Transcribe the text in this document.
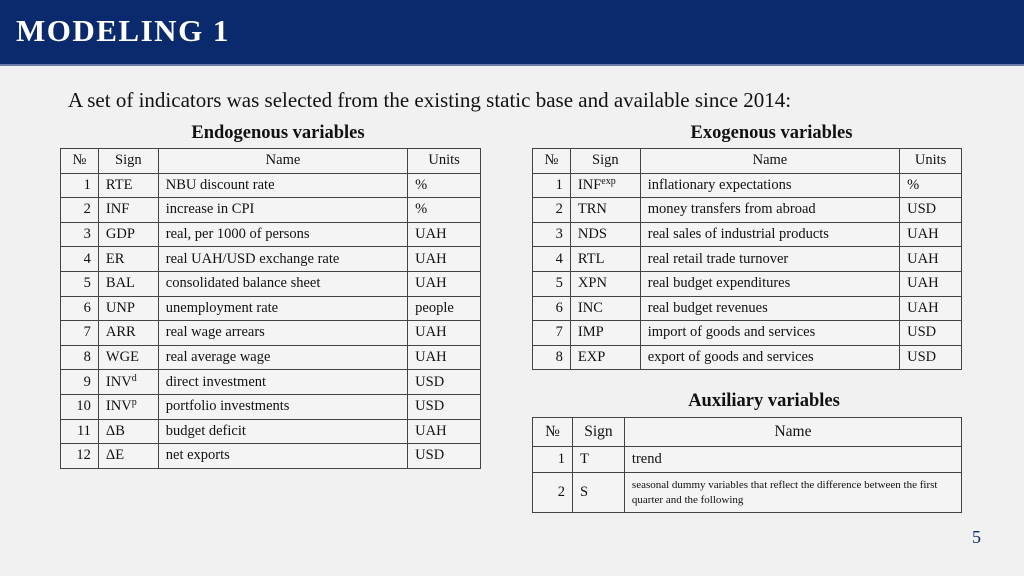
MODELING 1
A set of indicators was selected from the existing static base and available since 2014:
Endogenous variables	Exogenous variables
Auxiliary variables
№	Sign	Name	Units
1	RTE	NBU discount rate	%
2	INF	increase in CPI	%
3	GDP	real, per 1000 of persons	UAH
4	ER	real UAH/USD exchange rate	UAH
5	BAL	consolidated balance sheet	UAH
6	UNP	unemployment rate	people
7	ARR	real wage arrears	UAH
8	WGE	real average wage	UAH
9	INV$^d$	direct investment	USD
10	INV$^p$	portfolio investments	USD
11	ΔB	budget deficit	UAH
12	ΔE	net exports	USD
№	Sign	Name	Units
1	$INF^{exp}$	inflationary expectations	%
2	TRN	money transfers from abroad	USD
3	NDS	real sales of industrial products	UAH
4	RTL	real retail trade turnover	UAH
5	XPN	real budget expenditures	UAH
6	INC	real budget revenues	UAH
7	IMP	import of goods and services	USD
8	EXP	export of goods and services	USD
№	Sign	Name
1	T	trend
2	S	seasonal dummy variables that reflect the difference between the first quarter and the following
5
